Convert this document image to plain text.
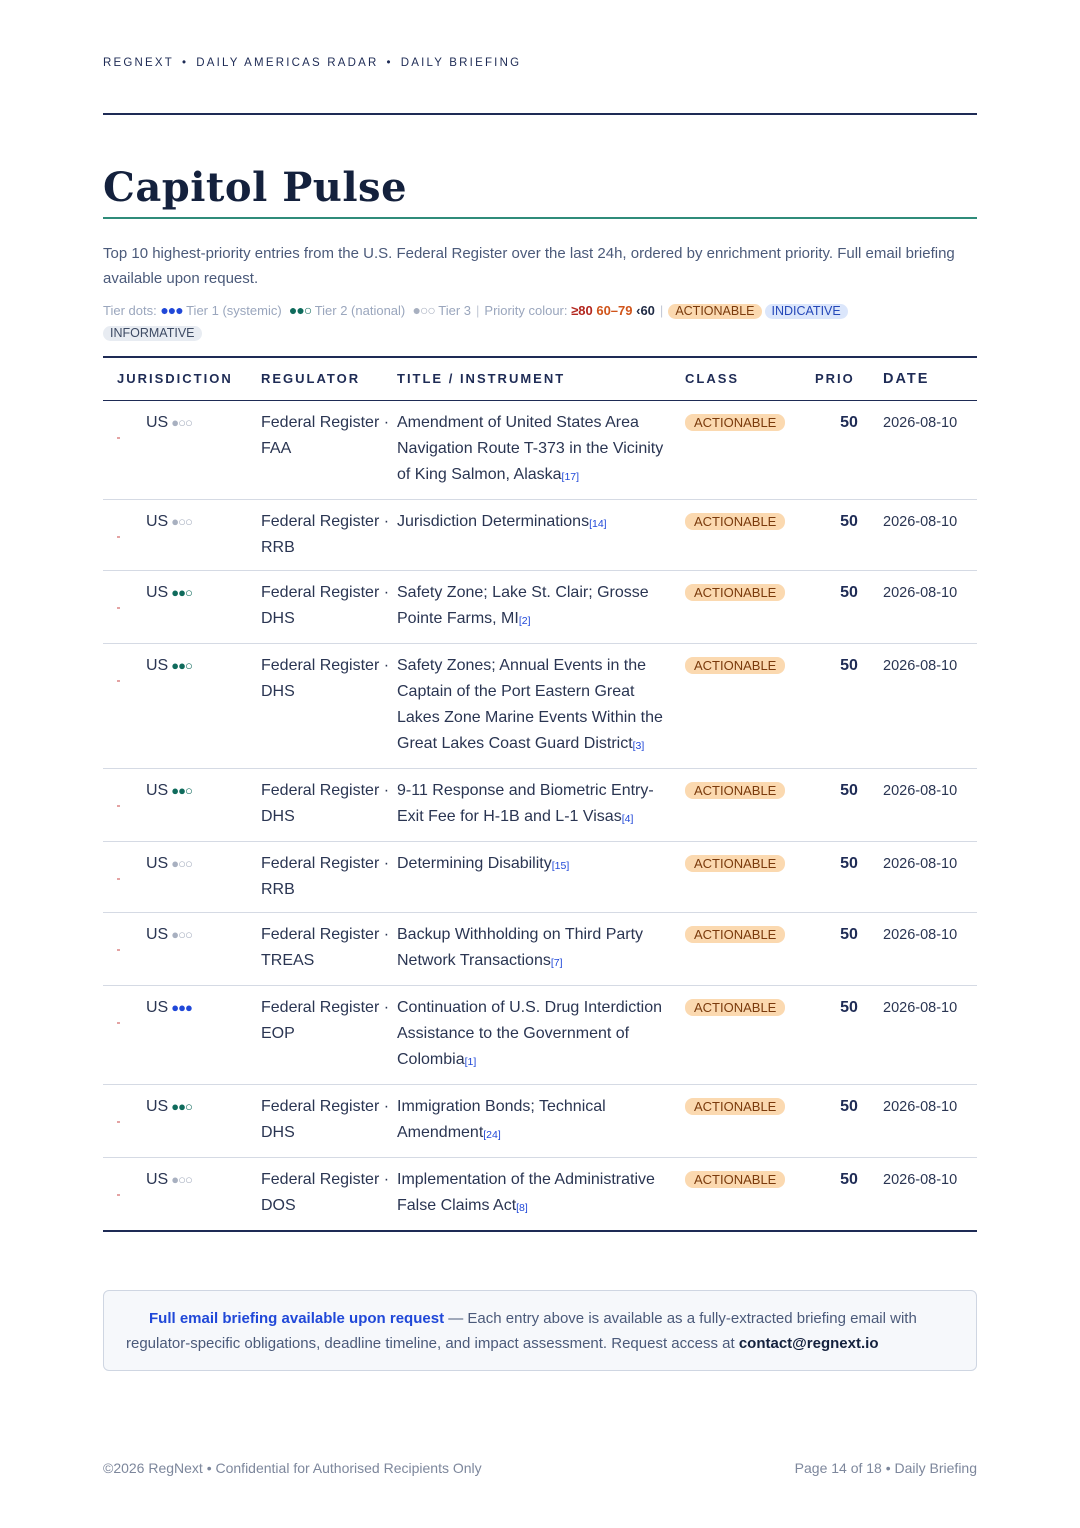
REGNEXT • DAILY AMERICAS RADAR • DAILY BRIEFING
Capitol Pulse

Top 10 highest-priority entries from the U.S. Federal Register over the last 24h, ordered by enrichment priority. Full email briefing available upon request.

Tier dots: ●●● Tier 1 (systemic) ●●○ Tier 2 (national) ●○○ Tier 3 | Priority colour: ≥80 60–79 ‹60 | ACTIONABLE INDICATIVE
INFORMATIVE
JURISDICTION	REGULATOR	TITLE / INSTRUMENT	CLASS	PRIO	DATE

US ●○○	Federal Register · FAA	Amendment of United States Area Navigation Route T-373 in the Vicinity of King Salmon, Alaska[17]	ACTIONABLE	50	2026-08-10

US ●○○	Federal Register · RRB	Jurisdiction Determinations[14]	ACTIONABLE	50	2026-08-10

US ●●○	Federal Register · DHS	Safety Zone; Lake St. Clair; Grosse Pointe Farms, MI[2]	ACTIONABLE	50	2026-08-10

US ●●○	Federal Register · DHS	Safety Zones; Annual Events in the Captain of the Port Eastern Great Lakes Zone Marine Events Within the Great Lakes Coast Guard District[3]	ACTIONABLE	50	2026-08-10

US ●●○	Federal Register · DHS	9-11 Response and Biometric Entry-Exit Fee for H-1B and L-1 Visas[4]	ACTIONABLE	50	2026-08-10

US ●○○	Federal Register · RRB	Determining Disability[15]	ACTIONABLE	50	2026-08-10

US ●○○	Federal Register · TREAS	Backup Withholding on Third Party Network Transactions[7]	ACTIONABLE	50	2026-08-10

US ●●●	Federal Register · EOP	Continuation of U.S. Drug Interdiction Assistance to the Government of Colombia[1]	ACTIONABLE	50	2026-08-10

US ●●○	Federal Register · DHS	Immigration Bonds; Technical Amendment[24]	ACTIONABLE	50	2026-08-10

US ●○○	Federal Register · DOS	Implementation of the Administrative False Claims Act[8]	ACTIONABLE	50	2026-08-10
Full email briefing available upon request — Each entry above is available as a fully-extracted briefing email with regulator-specific obligations, deadline timeline, and impact assessment. Request access at contact@regnext.io
©2026 RegNext • Confidential for Authorised Recipients Only	Page 14 of 18 • Daily Briefing
